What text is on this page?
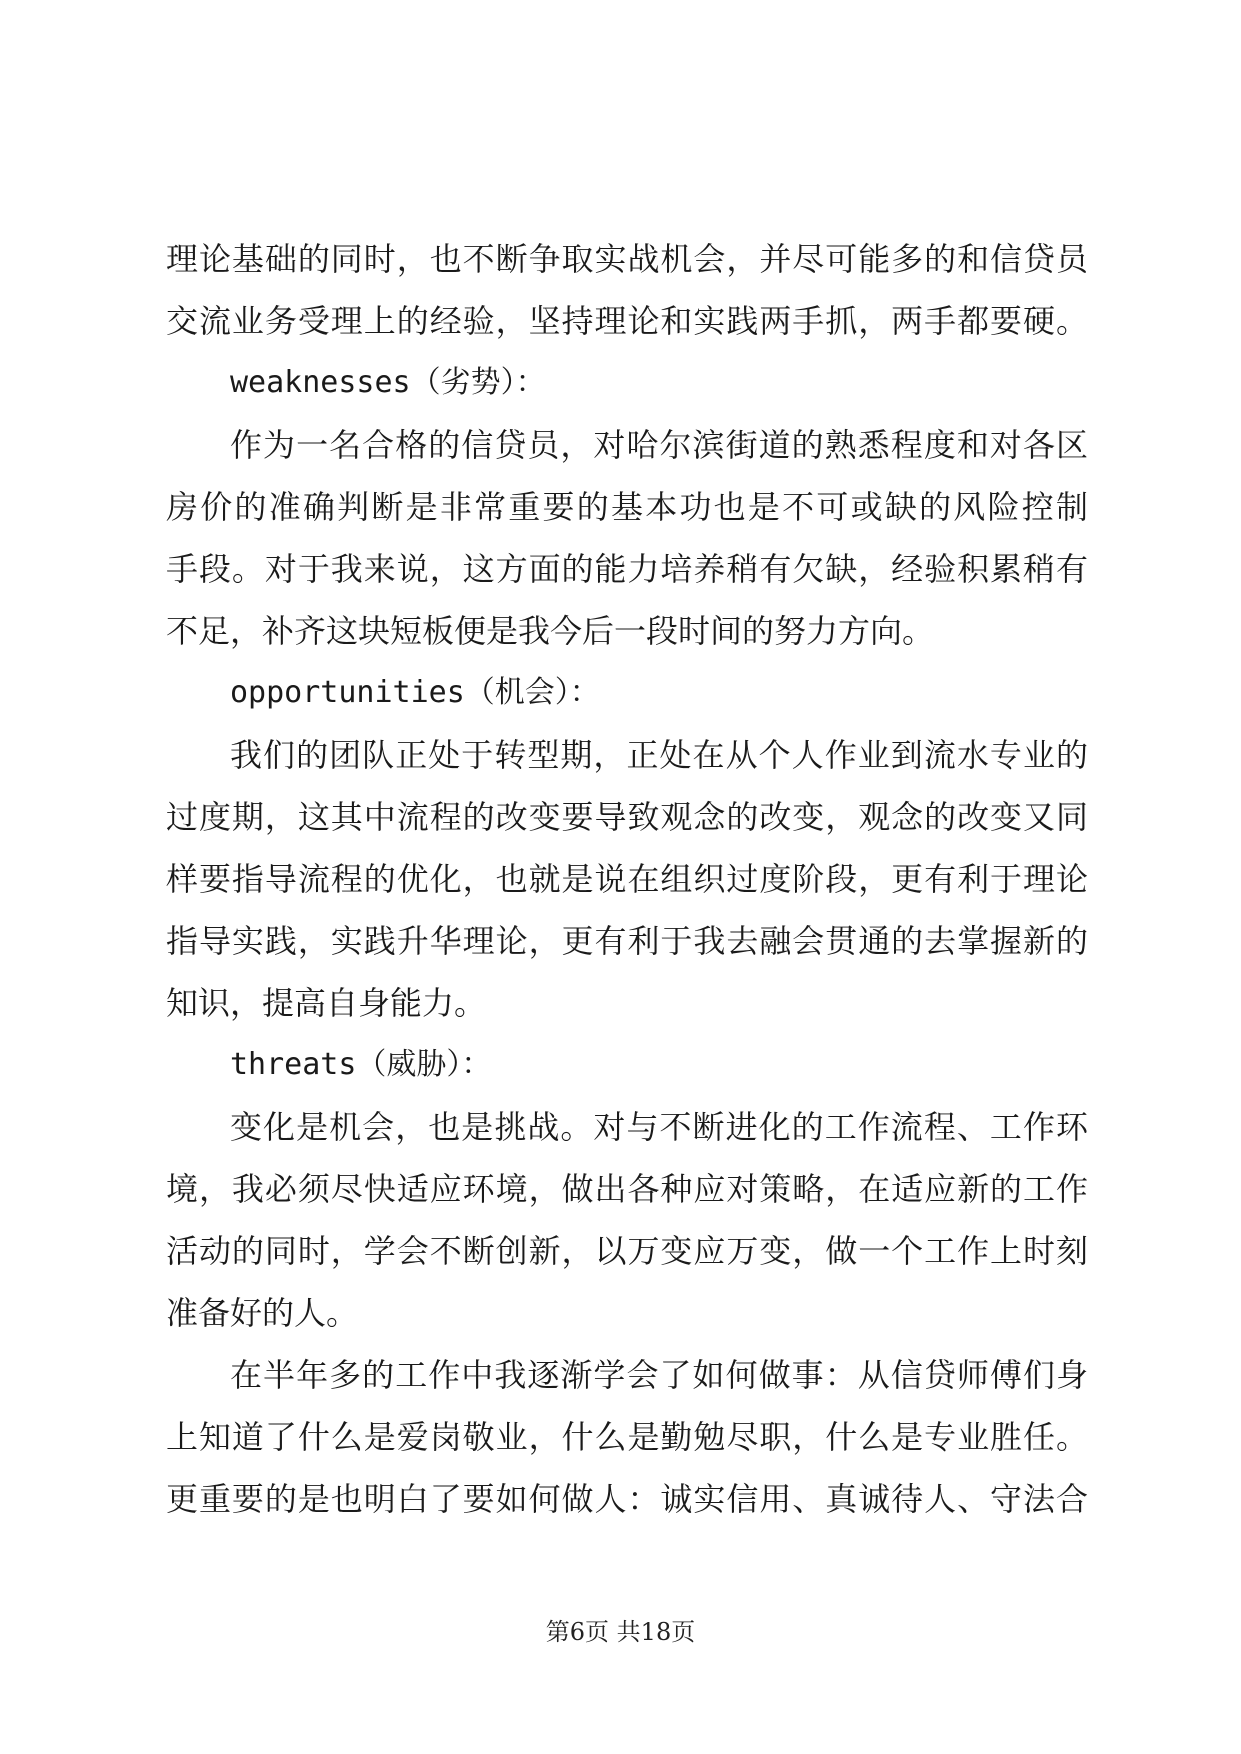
理论基础的同时，也不断争取实战机会，并尽可能多的和信贷员
交流业务受理上的经验，坚持理论和实践两手抓，两手都要硬。
weaknesses（劣势）：
作为一名合格的信贷员，对哈尔滨街道的熟悉程度和对各区
房价的准确判断是非常重要的基本功也是不可或缺的风险控制
手段。对于我来说，这方面的能力培养稍有欠缺，经验积累稍有
不足，补齐这块短板便是我今后一段时间的努力方向。
opportunities（机会）：
我们的团队正处于转型期，正处在从个人作业到流水专业的
过度期，这其中流程的改变要导致观念的改变，观念的改变又同
样要指导流程的优化，也就是说在组织过度阶段，更有利于理论
指导实践，实践升华理论，更有利于我去融会贯通的去掌握新的
知识，提高自身能力。
threats（威胁）：
变化是机会，也是挑战。对与不断进化的工作流程、工作环
境，我必须尽快适应环境，做出各种应对策略，在适应新的工作
活动的同时，学会不断创新，以万变应万变，做一个工作上时刻
准备好的人。
在半年多的工作中我逐渐学会了如何做事：从信贷师傅们身
上知道了什么是爱岗敬业，什么是勤勉尽职，什么是专业胜任。
更重要的是也明白了要如何做人：诚实信用、真诚待人、守法合
第6页 共18页
